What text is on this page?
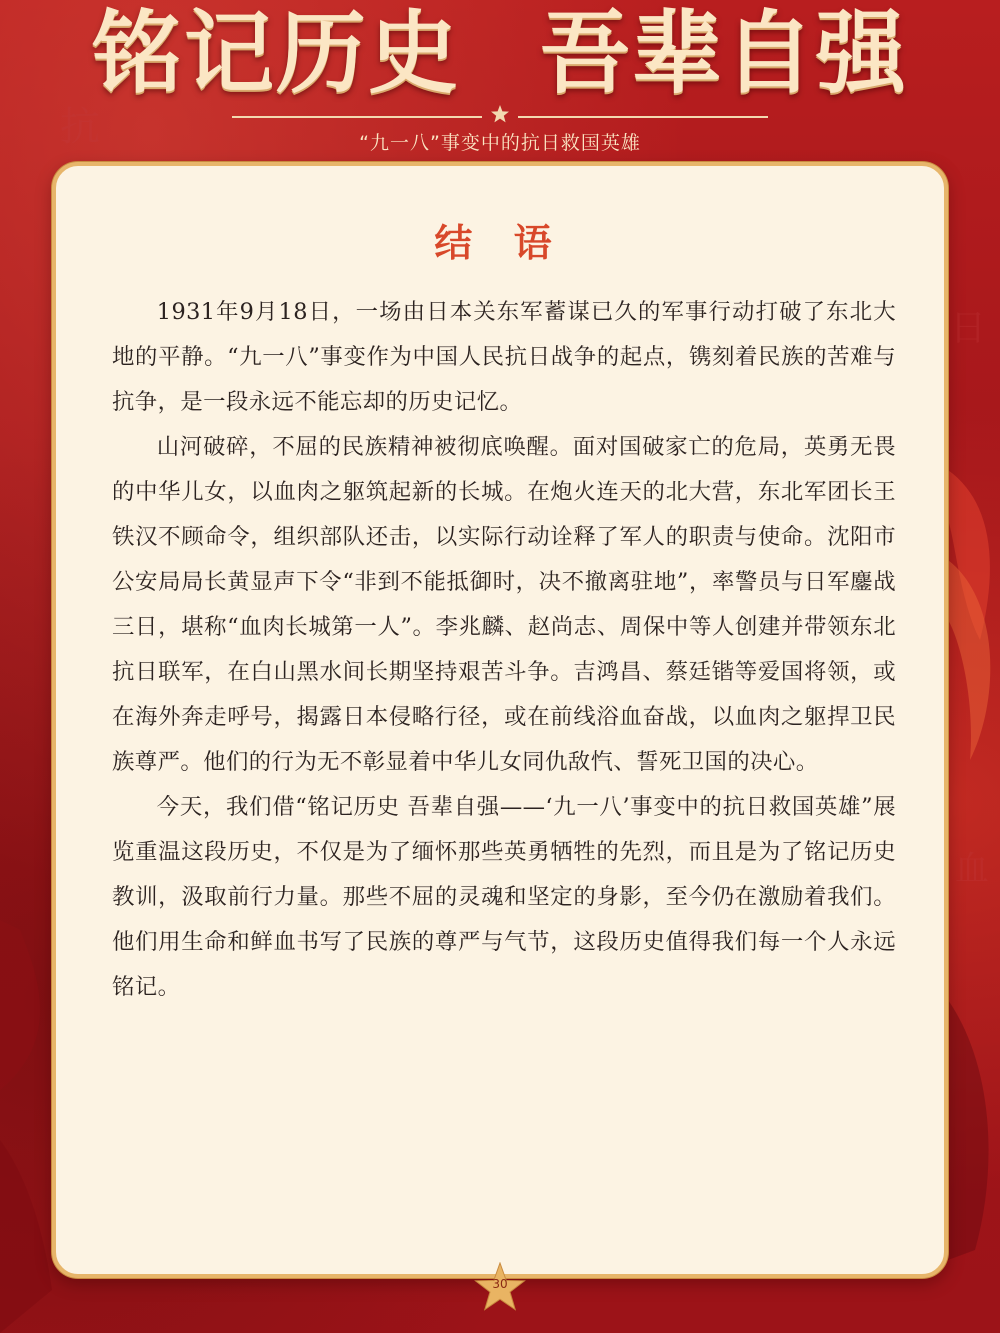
抗
日
血
铭记历史 吾辈自强
“九一八”事变中的抗日救国英雄
结 语

1931年9月18日，一场由日本关东军蓄谋已久的军事行动打破了东北大地的平静。“九一八”事变作为中国人民抗日战争的起点，镌刻着民族的苦难与抗争，是一段永远不能忘却的历史记忆。

山河破碎，不屈的民族精神被彻底唤醒。面对国破家亡的危局，英勇无畏的中华儿女，以血肉之躯筑起新的长城。在炮火连天的北大营，东北军团长王铁汉不顾命令，组织部队还击，以实际行动诠释了军人的职责与使命。沈阳市公安局局长黄显声下令“非到不能抵御时，决不撤离驻地”，率警员与日军鏖战三日，堪称“血肉长城第一人”。李兆麟、赵尚志、周保中等人创建并带领东北抗日联军，在白山黑水间长期坚持艰苦斗争。吉鸿昌、蔡廷锴等爱国将领，或在海外奔走呼号，揭露日本侵略行径，或在前线浴血奋战，以血肉之躯捍卫民族尊严。他们的行为无不彰显着中华儿女同仇敌忾、誓死卫国的决心。

今天，我们借“铭记历史 吾辈自强——‘九一八’事变中的抗日救国英雄”展览重温这段历史，不仅是为了缅怀那些英勇牺牲的先烈，而且是为了铭记历史教训，汲取前行力量。那些不屈的灵魂和坚定的身影，至今仍在激励着我们。他们用生命和鲜血书写了民族的尊严与气节，这段历史值得我们每一个人永远铭记。

30
